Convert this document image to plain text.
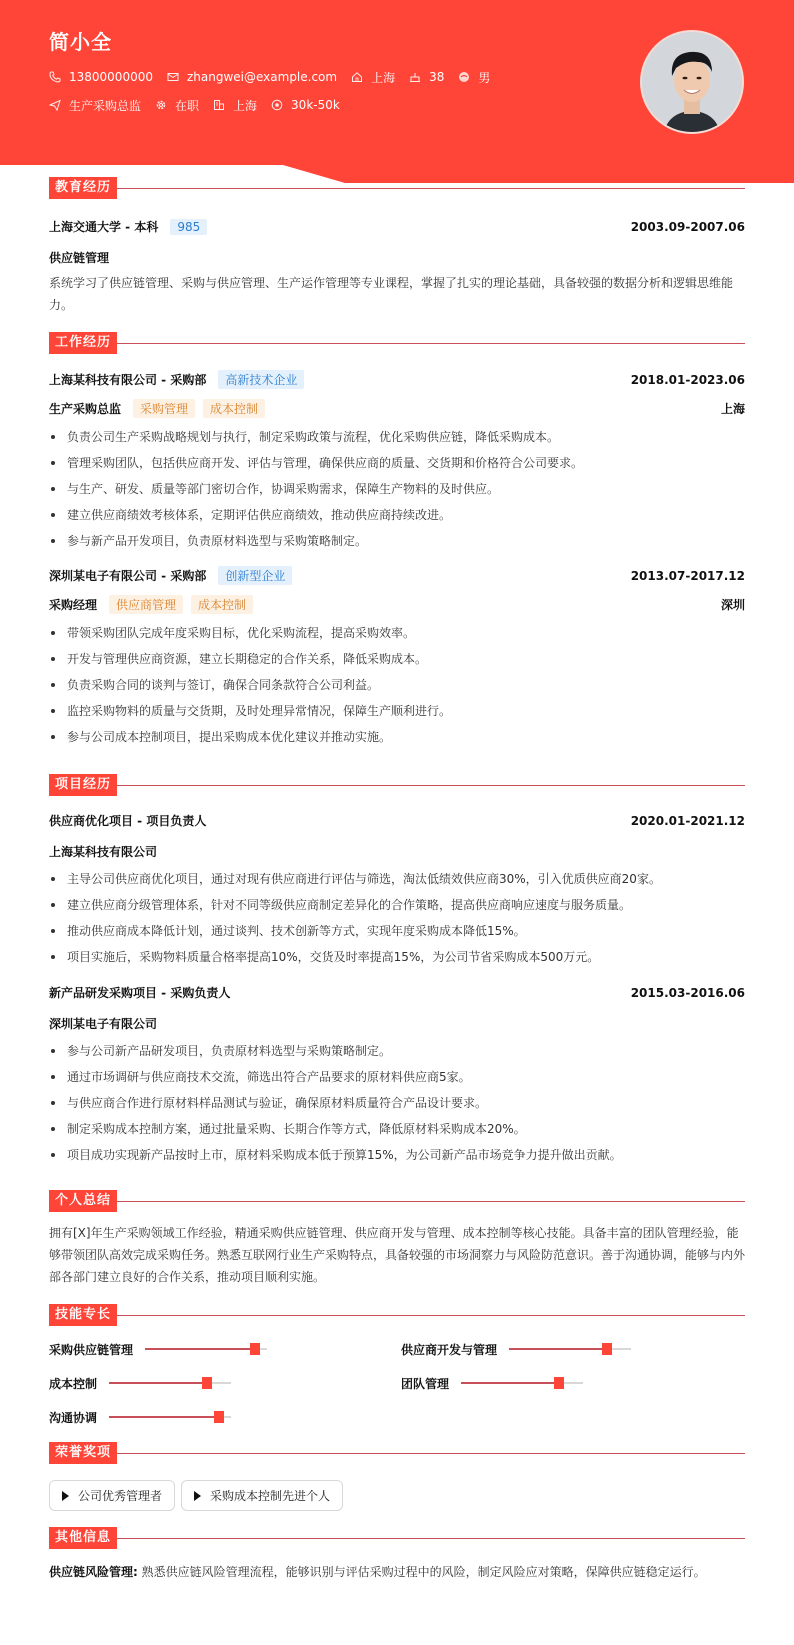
简小全
13800000000	zhangwei@example.com	上海	38	男
生产采购总监	在职	上海	30k-50k
教育经历
上海交通大学 - 本科	985	2003.09-2007.06
供应链管理
系统学习了供应链管理、采购与供应管理、生产运作管理等专业课程，掌握了扎实的理论基础，具备较强的数据分析和逻辑思维能力。
工作经历
上海某科技有限公司 - 采购部	高新技术企业	2018.01-2023.06
生产采购总监	采购管理	成本控制	上海
负责公司生产采购战略规划与执行，制定采购政策与流程，优化采购供应链，降低采购成本。
管理采购团队，包括供应商开发、评估与管理，确保供应商的质量、交货期和价格符合公司要求。
与生产、研发、质量等部门密切合作，协调采购需求，保障生产物料的及时供应。
建立供应商绩效考核体系，定期评估供应商绩效，推动供应商持续改进。
参与新产品开发项目，负责原材料选型与采购策略制定。
深圳某电子有限公司 - 采购部	创新型企业	2013.07-2017.12
采购经理	供应商管理	成本控制	深圳
带领采购团队完成年度采购目标，优化采购流程，提高采购效率。
开发与管理供应商资源，建立长期稳定的合作关系，降低采购成本。
负责采购合同的谈判与签订，确保合同条款符合公司利益。
监控采购物料的质量与交货期，及时处理异常情况，保障生产顺利进行。
参与公司成本控制项目，提出采购成本优化建议并推动实施。
项目经历
供应商优化项目 - 项目负责人	2020.01-2021.12
上海某科技有限公司
主导公司供应商优化项目，通过对现有供应商进行评估与筛选，淘汰低绩效供应商30%，引入优质供应商20家。
建立供应商分级管理体系，针对不同等级供应商制定差异化的合作策略，提高供应商响应速度与服务质量。
推动供应商成本降低计划，通过谈判、技术创新等方式，实现年度采购成本降低15%。
项目实施后，采购物料质量合格率提高10%，交货及时率提高15%，为公司节省采购成本500万元。
新产品研发采购项目 - 采购负责人	2015.03-2016.06
深圳某电子有限公司
参与公司新产品研发项目，负责原材料选型与采购策略制定。
通过市场调研与供应商技术交流，筛选出符合产品要求的原材料供应商5家。
与供应商合作进行原材料样品测试与验证，确保原材料质量符合产品设计要求。
制定采购成本控制方案，通过批量采购、长期合作等方式，降低原材料采购成本20%。
项目成功实现新产品按时上市，原材料采购成本低于预算15%，为公司新产品市场竞争力提升做出贡献。
个人总结
拥有[X]年生产采购领域工作经验，精通采购供应链管理、供应商开发与管理、成本控制等核心技能。具备丰富的团队管理经验，能够带领团队高效完成采购任务。熟悉互联网行业生产采购特点，具备较强的市场洞察力与风险防范意识。善于沟通协调，能够与内外部各部门建立良好的合作关系，推动项目顺利实施。
技能专长
采购供应链管理	供应商开发与管理
成本控制	团队管理
沟通协调
荣誉奖项
公司优秀管理者	采购成本控制先进个人
其他信息
供应链风险管理: 熟悉供应链风险管理流程，能够识别与评估采购过程中的风险，制定风险应对策略，保障供应链稳定运行。
